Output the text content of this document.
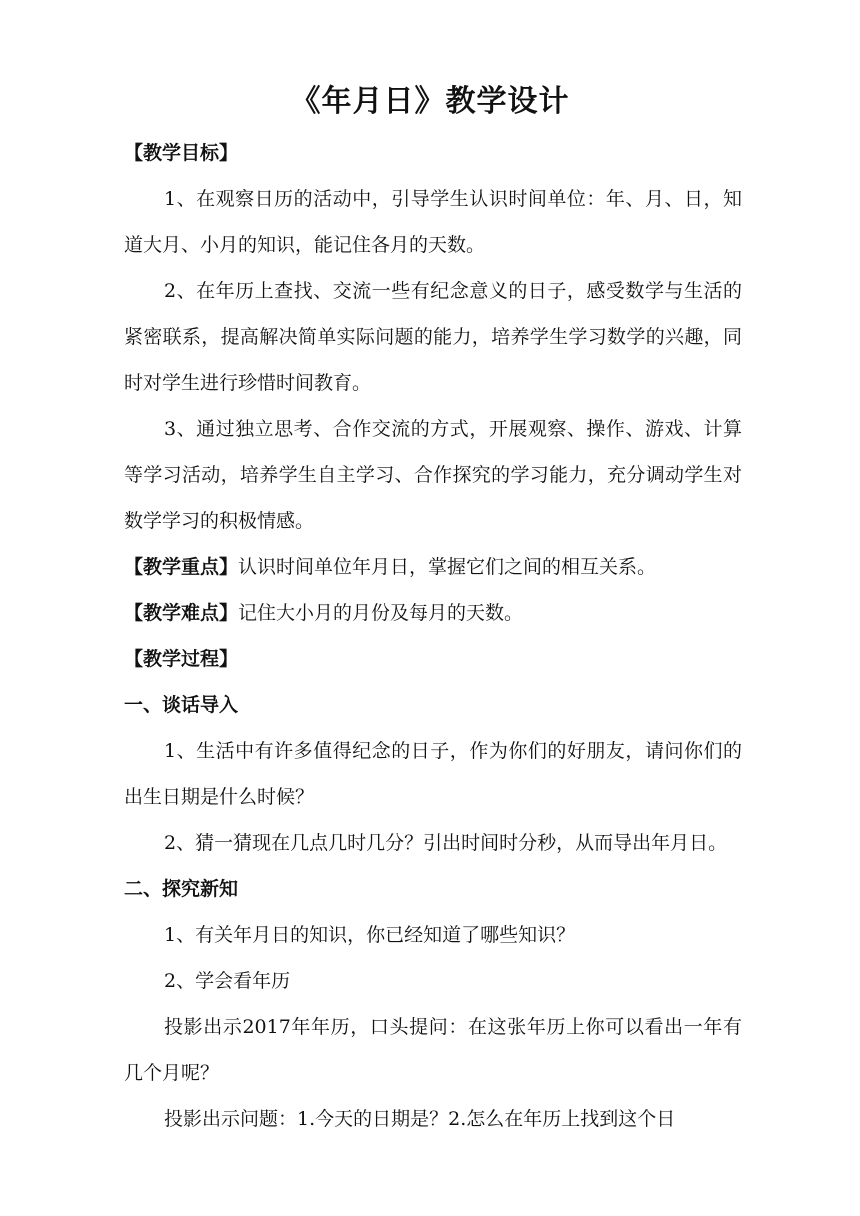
《年月日》教学设计

【教学目标】

1、在观察日历的活动中，引导学生认识时间单位：年、月、日，知道大月、小月的知识，能记住各月的天数。

2、在年历上查找、交流一些有纪念意义的日子，感受数学与生活的紧密联系，提高解决简单实际问题的能力，培养学生学习数学的兴趣，同时对学生进行珍惜时间教育。

3、通过独立思考、合作交流的方式，开展观察、操作、游戏、计算等学习活动，培养学生自主学习、合作探究的学习能力，充分调动学生对数学学习的积极情感。

【教学重点】认识时间单位年月日，掌握它们之间的相互关系。

【教学难点】记住大小月的月份及每月的天数。

【教学过程】

一、谈话导入

1、生活中有许多值得纪念的日子，作为你们的好朋友，请问你们的出生日期是什么时候？

2、猜一猜现在几点几时几分？引出时间时分秒，从而导出年月日。

二、探究新知

1、有关年月日的知识，你已经知道了哪些知识？

2、学会看年历

投影出示2017年年历，口头提问：在这张年历上你可以看出一年有几个月呢？

投影出示问题：1.今天的日期是？2.怎么在年历上找到这个日
